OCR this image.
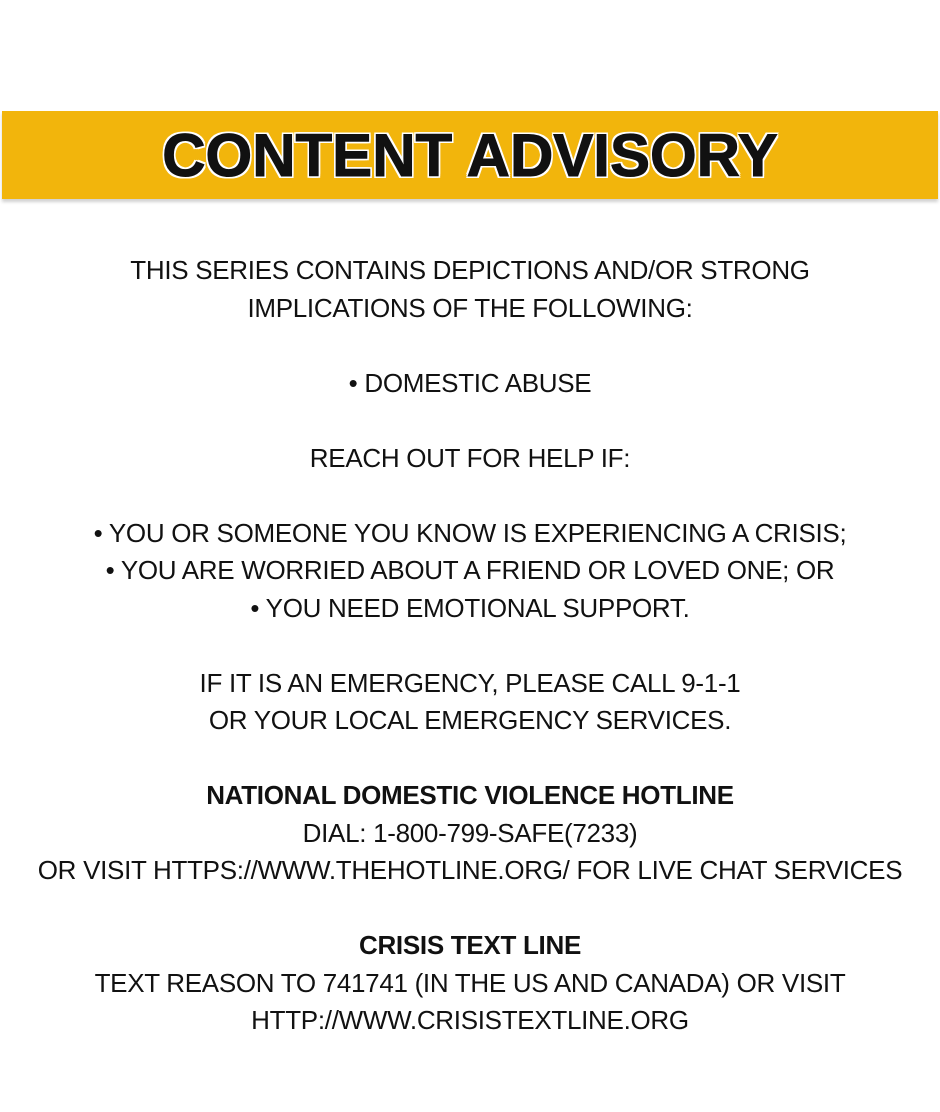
CONTENT ADVISORY
THIS SERIES CONTAINS DEPICTIONS AND/OR STRONG
IMPLICATIONS OF THE FOLLOWING:
• DOMESTIC ABUSE
REACH OUT FOR HELP IF:
• YOU OR SOMEONE YOU KNOW IS EXPERIENCING A CRISIS;
• YOU ARE WORRIED ABOUT A FRIEND OR LOVED ONE; OR
• YOU NEED EMOTIONAL SUPPORT.
IF IT IS AN EMERGENCY, PLEASE CALL 9-1-1
OR YOUR LOCAL EMERGENCY SERVICES.
NATIONAL DOMESTIC VIOLENCE HOTLINE
DIAL: 1-800-799-SAFE(7233)
OR VISIT HTTPS://WWW.THEHOTLINE.ORG/ FOR LIVE CHAT SERVICES
CRISIS TEXT LINE
TEXT REASON TO 741741 (IN THE US AND CANADA) OR VISIT
HTTP://WWW.CRISISTEXTLINE.ORG
